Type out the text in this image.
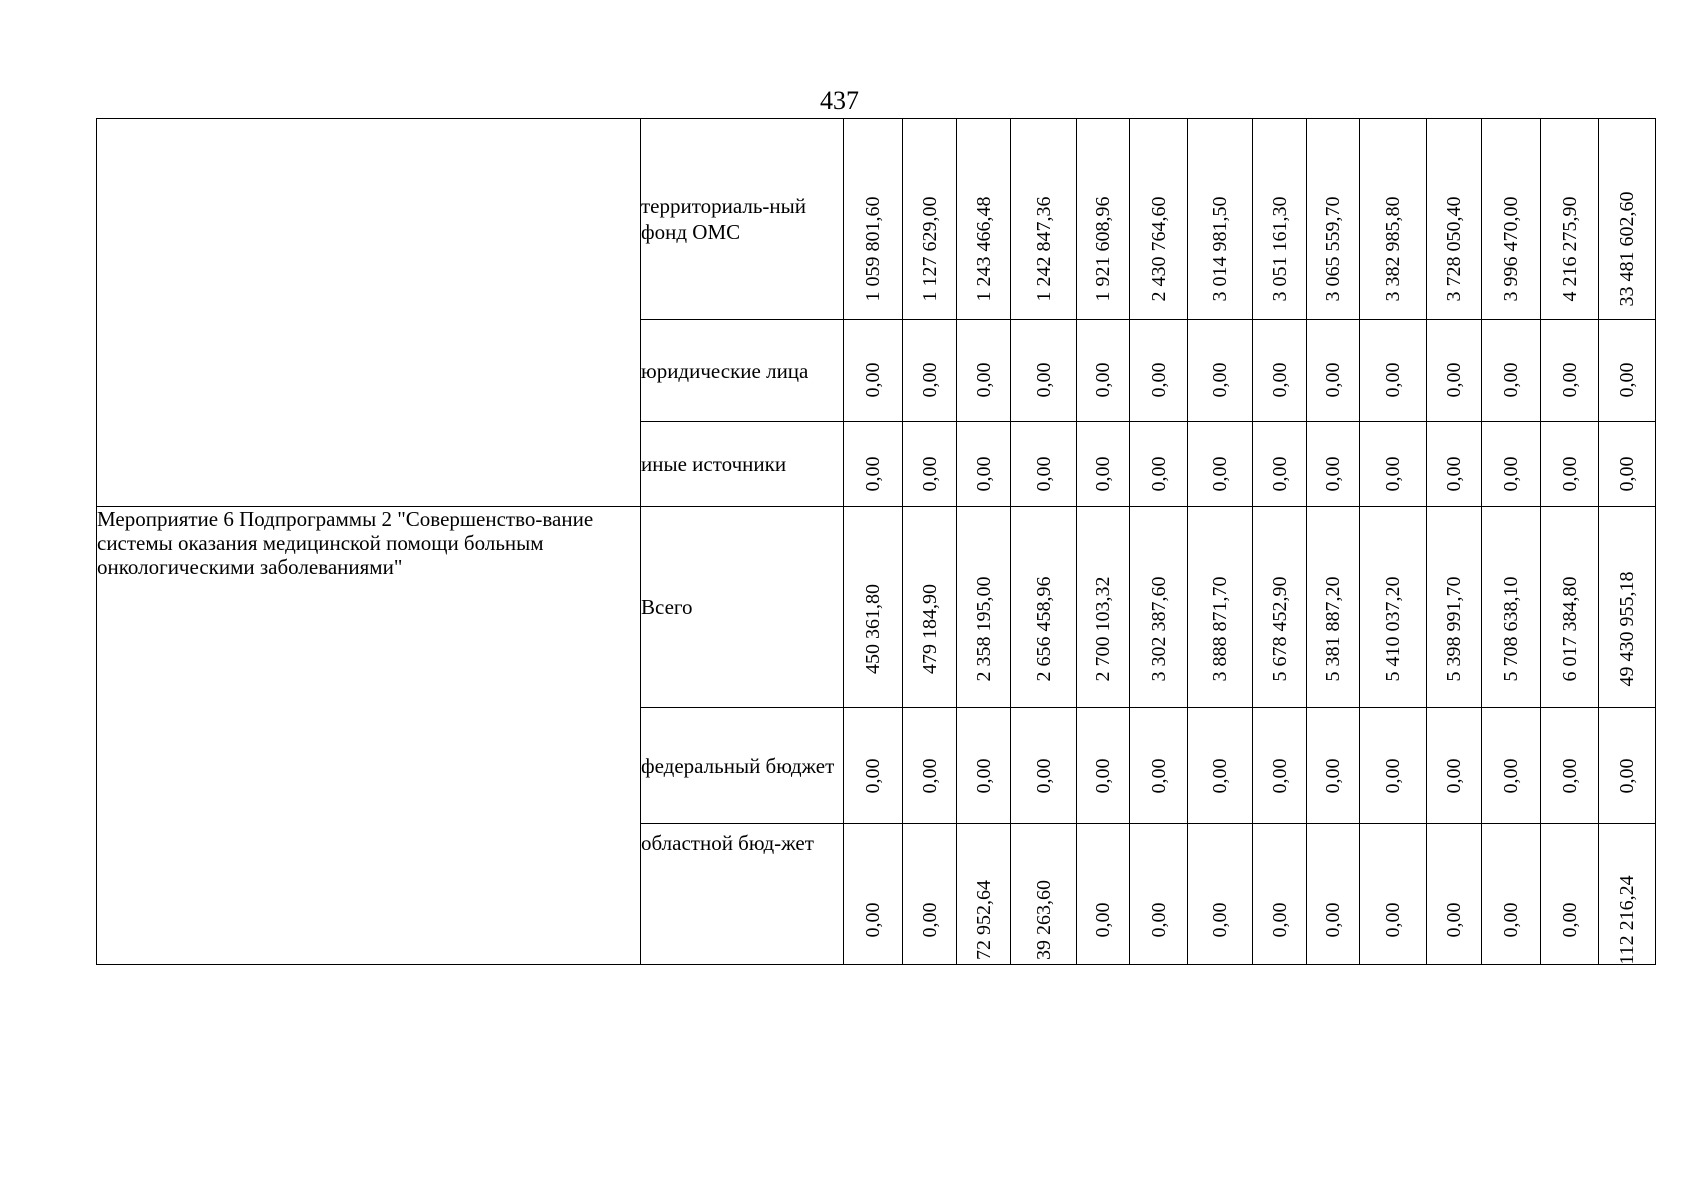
437
	территориаль-ный фонд ОМС	1 059 801,60	1 127 629,00	1 243 466,48	1 242 847,36	1 921 608,96	2 430 764,60	3 014 981,50	3 051 161,30	3 065 559,70	3 382 985,80	3 728 050,40	3 996 470,00	4 216 275,90	33 481 602,60

	юридические лица	0,00	0,00	0,00	0,00	0,00	0,00	0,00	0,00	0,00	0,00	0,00	0,00	0,00	0,00

	иные источники	0,00	0,00	0,00	0,00	0,00	0,00	0,00	0,00	0,00	0,00	0,00	0,00	0,00	0,00

Мероприятие 6 Подпрограммы 2 "Совершенство-вание системы оказания медицинской помощи больным онкологическими заболеваниями"	Всего	450 361,80	479 184,90	2 358 195,00	2 656 458,96	2 700 103,32	3 302 387,60	3 888 871,70	5 678 452,90	5 381 887,20	5 410 037,20	5 398 991,70	5 708 638,10	6 017 384,80	49 430 955,18

	федеральный бюджет	0,00	0,00	0,00	0,00	0,00	0,00	0,00	0,00	0,00	0,00	0,00	0,00	0,00	0,00

	областной бюд-жет	0,00	0,00	72 952,64	39 263,60	0,00	0,00	0,00	0,00	0,00	0,00	0,00	0,00	0,00	112 216,24
